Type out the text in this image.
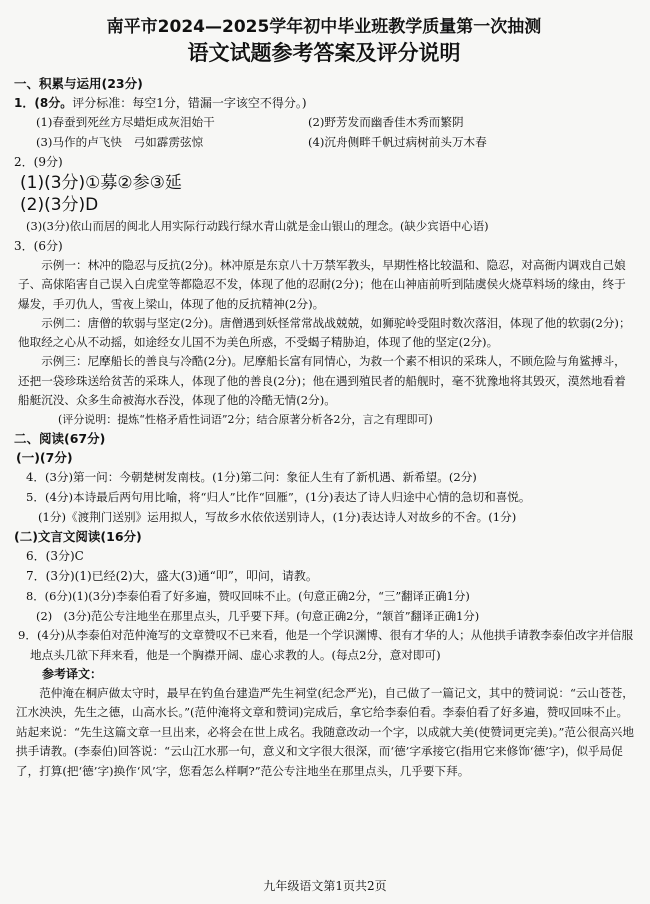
南平市2024—2025学年初中毕业班教学质量第一次抽测
语文试题参考答案及评分说明
一、积累与运用(23分)
1．(8分。评分标准：每空1分，错漏一字该空不得分。)
(1)春蚕到死丝方尽蜡炬成灰泪始干	(2)野芳发而幽香佳木秀而繁阴
(3)马作的卢飞快　弓如霹雳弦惊	(4)沉舟侧畔千帆过病树前头万木春
2．(9分)
(1)(3分)①募②参③延
(2)(3分)D
(3)(3分)依山而居的闽北人用实际行动践行绿水青山就是金山银山的理念。(缺少宾语中心语)
3．(6分)
示例一：林冲的隐忍与反抗(2分)。林冲原是东京八十万禁军教头，早期性格比较温和、隐忍，对高衙内调戏自己娘子、高俅陷害自己误入白虎堂等都隐忍不发，体现了他的忍耐(2分)；他在山神庙前听到陆虞侯火烧草料场的缘由，终于爆发，手刃仇人，雪夜上梁山，体现了他的反抗精神(2分)。
示例二：唐僧的软弱与坚定(2分)。唐僧遇到妖怪常常战战兢兢，如狮驼岭受阻时数次落泪，体现了他的软弱(2分)；他取经之心从不动摇，如途经女儿国不为美色所惑，不受蝎子精胁迫，体现了他的坚定(2分)。
示例三：尼摩船长的善良与冷酷(2分)。尼摩船长富有同情心，为救一个素不相识的采珠人，不顾危险与角鲨搏斗，还把一袋珍珠送给贫苦的采珠人，体现了他的善良(2分)；他在遇到殖民者的船舰时，毫不犹豫地将其毁灭，漠然地看着船艇沉没、众多生命被海水吞没，体现了他的冷酷无情(2分)。
(评分说明：提炼“性格矛盾性词语”2分；结合原著分析各2分，言之有理即可)
二、阅读(67分)
(一)(7分)
4．(3分)第一问：今朝楚树发南枝。(1分)第二问：象征人生有了新机遇、新希望。(2分)
5．(4分)本诗最后两句用比喻，将“归人”比作“回雁”，(1分)表达了诗人归途中心情的急切和喜悦。
(1分)《渡荆门送别》运用拟人，写故乡水依依送别诗人，(1分)表达诗人对故乡的不舍。(1分)
(二)文言文阅读(16分)
6．(3分)C
7．(3分)(1)已经(2)大，盛大(3)通“叩”，叩问，请教。
8．(6分)(1)(3分)李泰伯看了好多遍，赞叹回味不止。(句意正确2分，“三”翻译正确1分)
(2)　(3分)范公专注地坐在那里点头，几乎要下拜。(句意正确2分，“颔首”翻译正确1分)
9．(4分)从李泰伯对范仲淹写的文章赞叹不已来看，他是一个学识渊博、很有才华的人；从他拱手请教李泰伯改字并信服地点头几欲下拜来看，他是一个胸襟开阔、虚心求教的人。(每点2分，意对即可)
参考译文：
范仲淹在桐庐做太守时，最早在钓鱼台建造严先生祠堂(纪念严光)，自己做了一篇记文，其中的赞词说：“云山苍苍，江水泱泱，先生之德，山高水长。”(范仲淹将文章和赞词)完成后，拿它给李泰伯看。李泰伯看了好多遍，赞叹回味不止。站起来说：“先生这篇文章一旦出来，必将会在世上成名。我随意改动一个字，以成就大美(使赞词更完美)。”范公很高兴地拱手请教。(李泰伯)回答说：“云山江水那一句，意义和文字很大很深，而‘德’字承接它(指用它来修饰‘德’字)，似乎局促了，打算(把‘德’字)换作‘风’字，您看怎么样啊?”范公专注地坐在那里点头，几乎要下拜。
九年级语文第1页共2页
